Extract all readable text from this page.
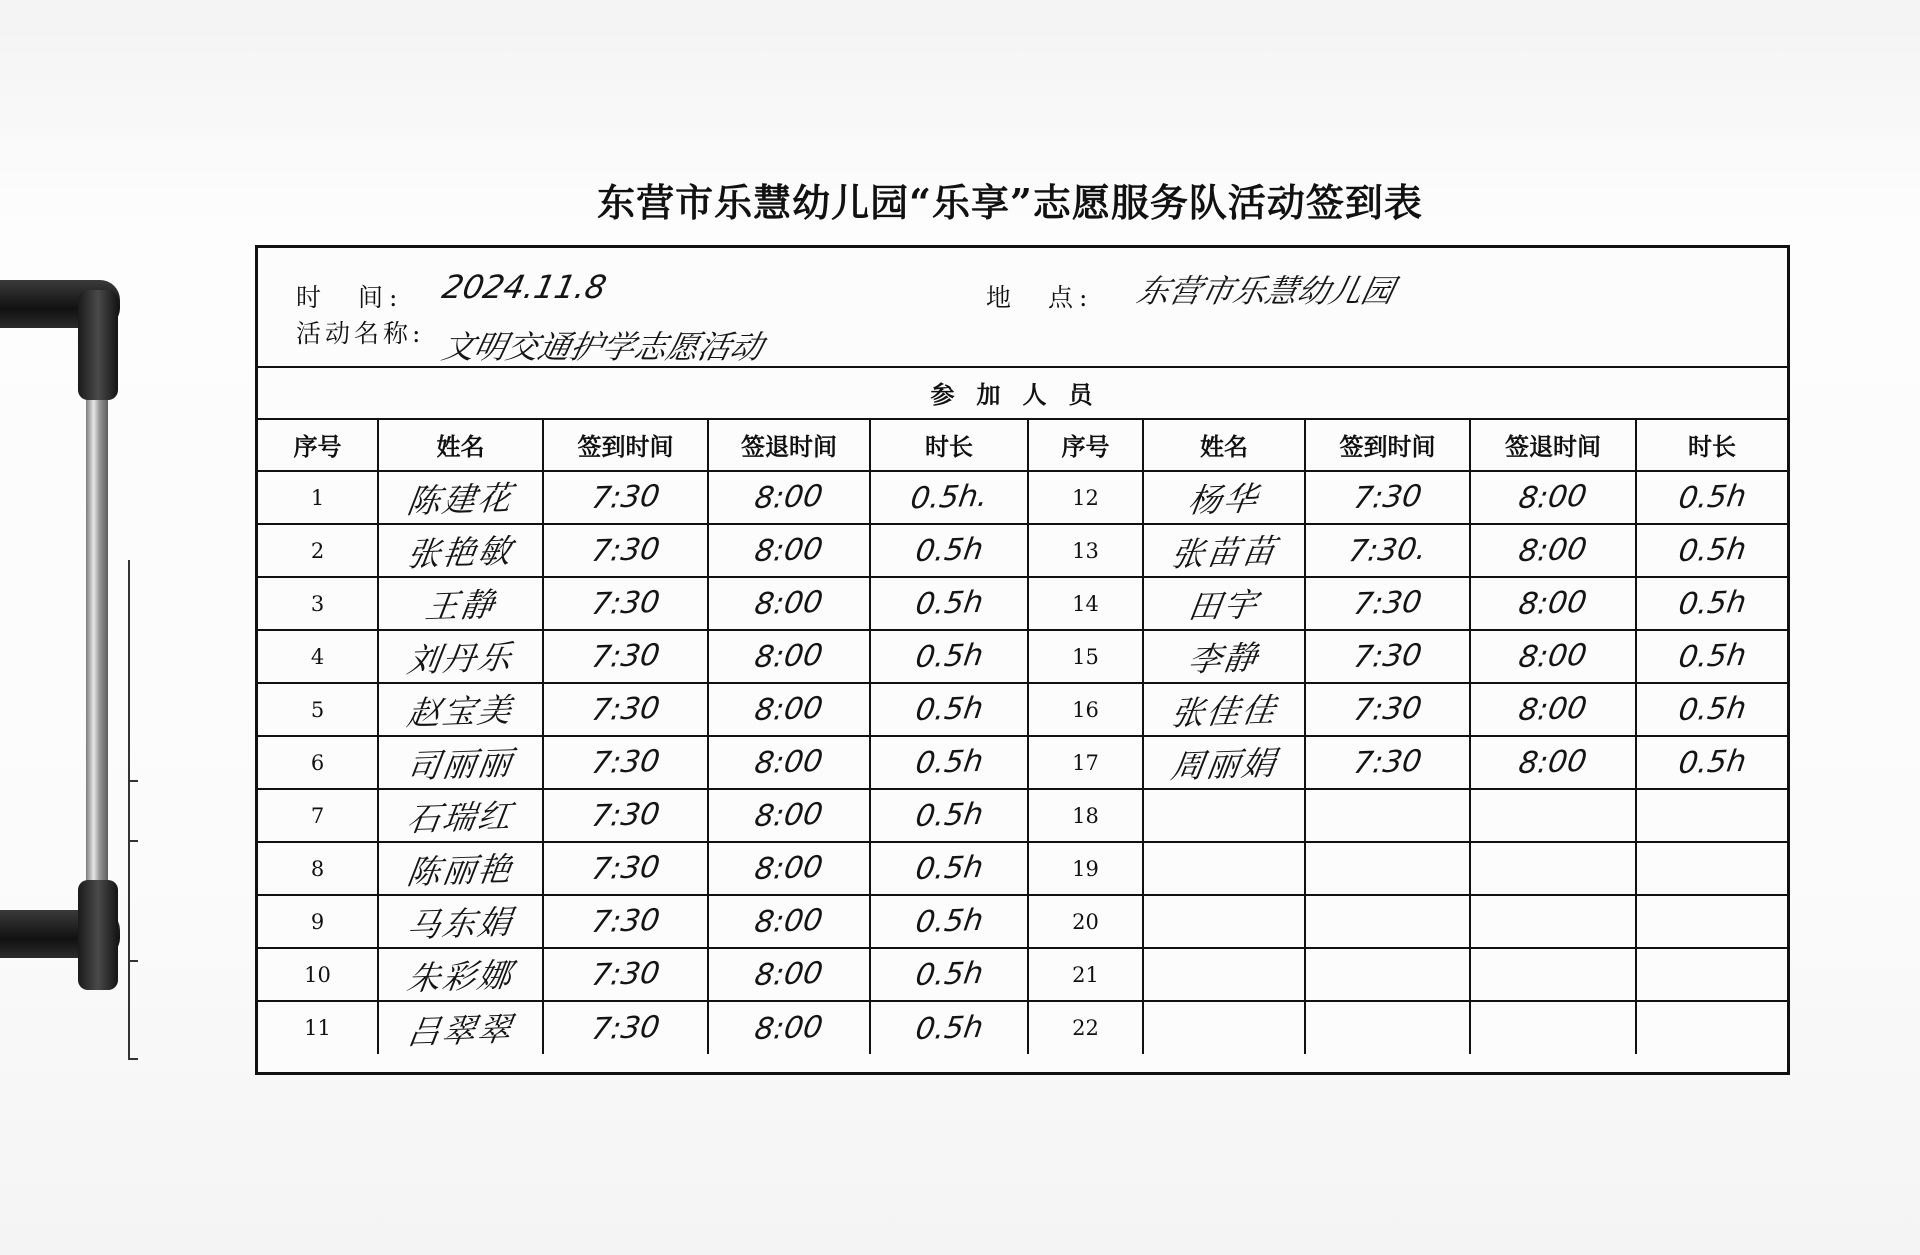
东营市乐慧幼儿园“乐享”志愿服务队活动签到表
时　间: 2024.11.8	地　点: 东营市乐慧幼儿园
活动名称: 文明交通护学志愿活动
参加人员
序号	姓名	签到时间	签退时间	时长	序号	姓名	签到时间	签退时间	时长
1	陈建花	7:30	8:00	0.5h.	12	杨华	7:30	8:00	0.5h
2	张艳敏	7:30	8:00	0.5h	13	张苗苗	7:30.	8:00	0.5h
3	王静	7:30	8:00	0.5h	14	田宇	7:30	8:00	0.5h
4	刘丹乐	7:30	8:00	0.5h	15	李静	7:30	8:00	0.5h
5	赵宝美	7:30	8:00	0.5h	16	张佳佳	7:30	8:00	0.5h
6	司丽丽	7:30	8:00	0.5h	17	周丽娟	7:30	8:00	0.5h
7	石瑞红	7:30	8:00	0.5h	18				
8	陈丽艳	7:30	8:00	0.5h	19				
9	马东娟	7:30	8:00	0.5h	20				
10	朱彩娜	7:30	8:00	0.5h	21				
11	吕翠翠	7:30	8:00	0.5h	22				
